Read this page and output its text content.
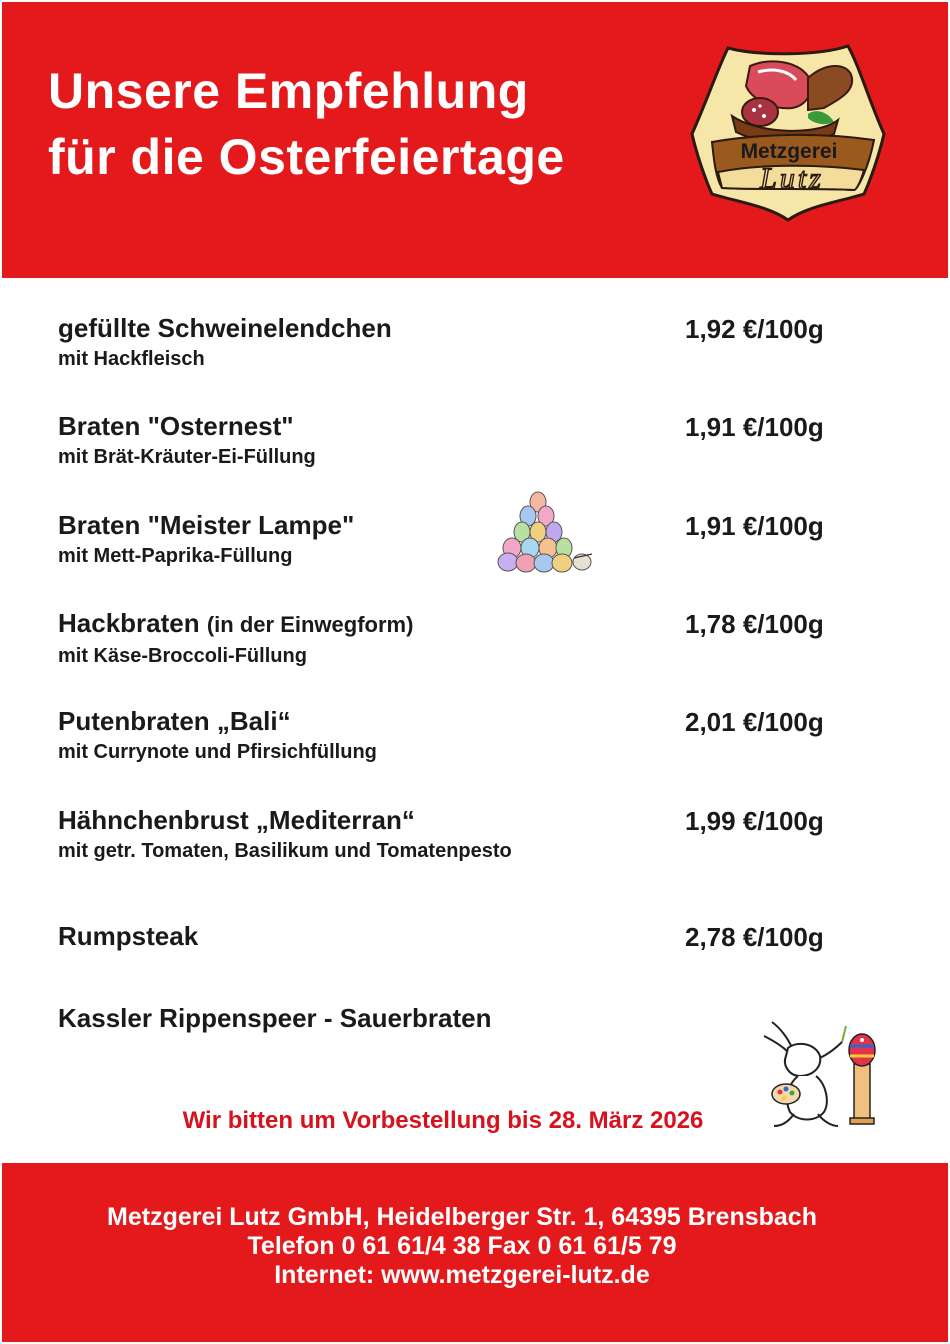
Unsere Empfehlung
für die Osterfeiertage	Metzgerei
Lutz
gefüllte Schweinelendchen
mit Hackfleisch
1,92 €/100g
Braten "Osternest"
mit Brät-Kräuter-Ei-Füllung
1,91 €/100g
Braten "Meister Lampe"
mit Mett-Paprika-Füllung
1,91 €/100g
Hackbraten (in der Einwegform)
mit Käse-Broccoli-Füllung
1,78 €/100g
Putenbraten „Bali“
mit Currynote und Pfirsichfüllung
2,01 €/100g
Hähnchenbrust „Mediterran“
mit getr. Tomaten, Basilikum und Tomatenpesto
1,99 €/100g
Rumpsteak	2,78 €/100g
Kassler Rippenspeer - Sauerbraten
Wir bitten um Vorbestellung bis 28. März 2026
Metzgerei Lutz GmbH, Heidelberger Str. 1, 64395 Brensbach
Telefon 0 61 61/4 38 Fax 0 61 61/5 79
Internet: www.metzgerei-lutz.de
